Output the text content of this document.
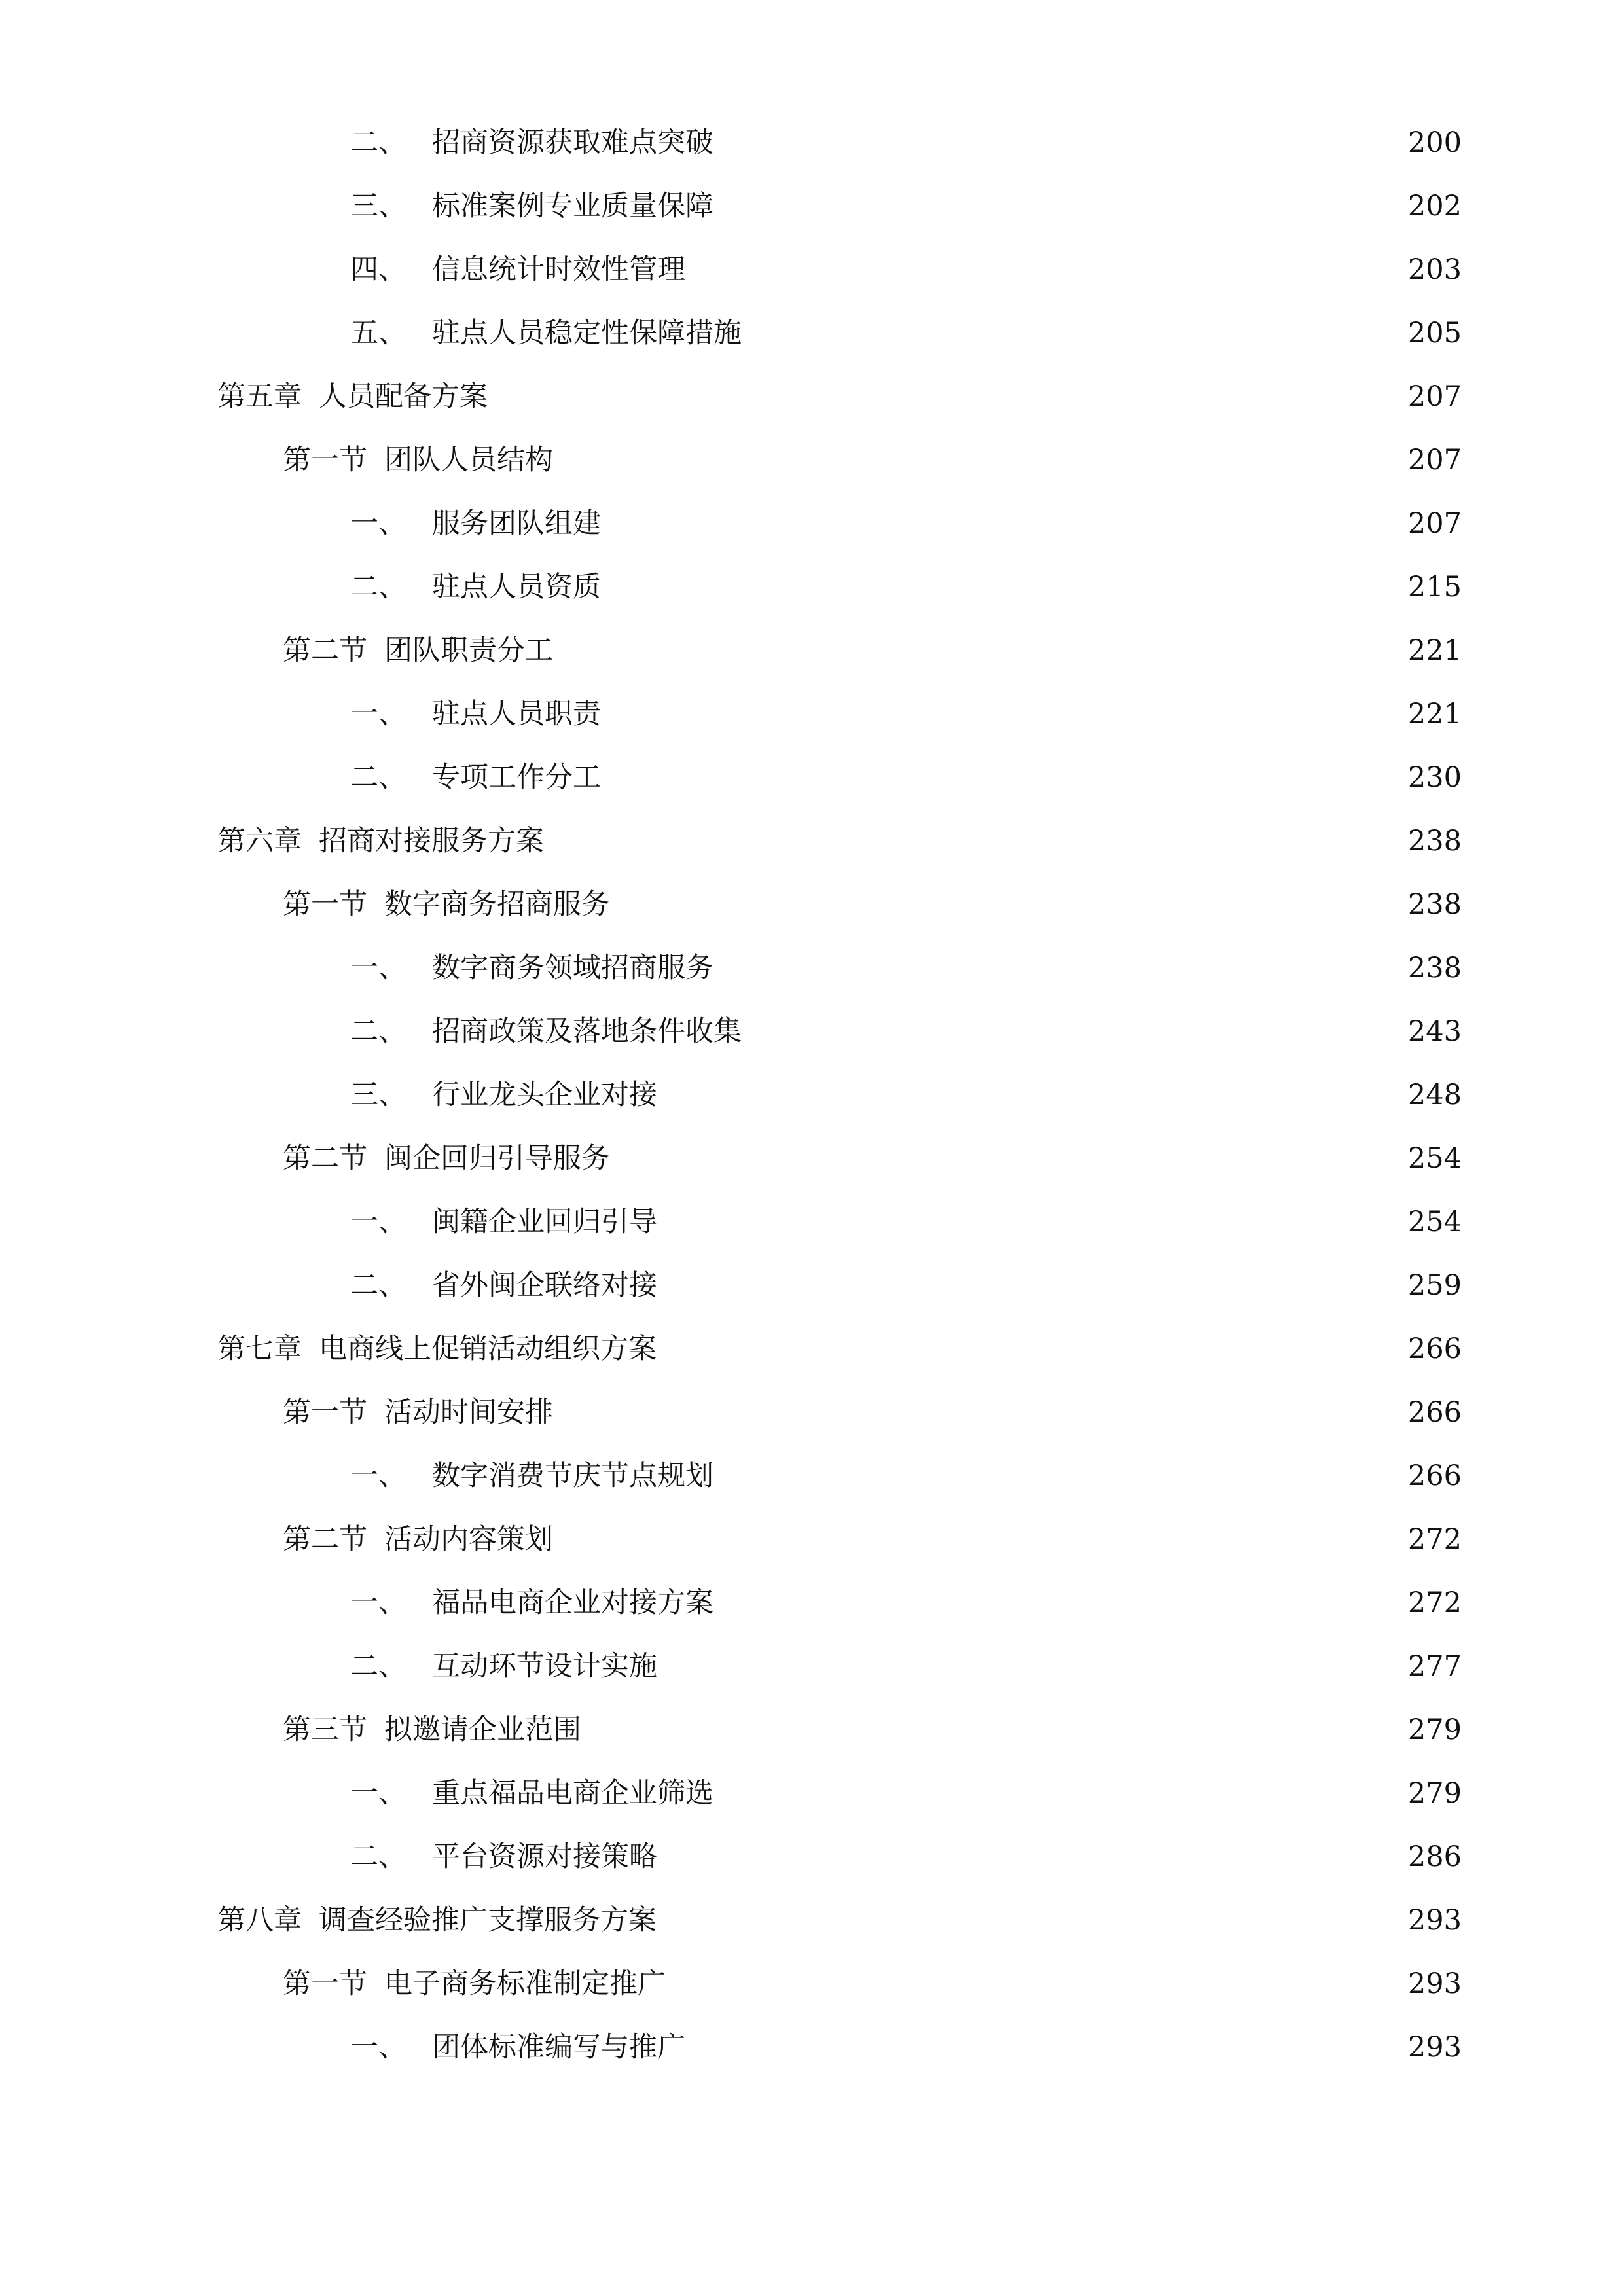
二、 招商资源获取难点突破	200
三、 标准案例专业质量保障	202
四、 信息统计时效性管理	203
五、 驻点人员稳定性保障措施	205
第五章 人员配备方案	207
第一节 团队人员结构	207
一、 服务团队组建	207
二、 驻点人员资质	215
第二节 团队职责分工	221
一、 驻点人员职责	221
二、 专项工作分工	230
第六章 招商对接服务方案	238
第一节 数字商务招商服务	238
一、 数字商务领域招商服务	238
二、 招商政策及落地条件收集	243
三、 行业龙头企业对接	248
第二节 闽企回归引导服务	254
一、 闽籍企业回归引导	254
二、 省外闽企联络对接	259
第七章 电商线上促销活动组织方案	266
第一节 活动时间安排	266
一、 数字消费节庆节点规划	266
第二节 活动内容策划	272
一、 福品电商企业对接方案	272
二、 互动环节设计实施	277
第三节 拟邀请企业范围	279
一、 重点福品电商企业筛选	279
二、 平台资源对接策略	286
第八章 调查经验推广支撑服务方案	293
第一节 电子商务标准制定推广	293
一、 团体标准编写与推广	293
